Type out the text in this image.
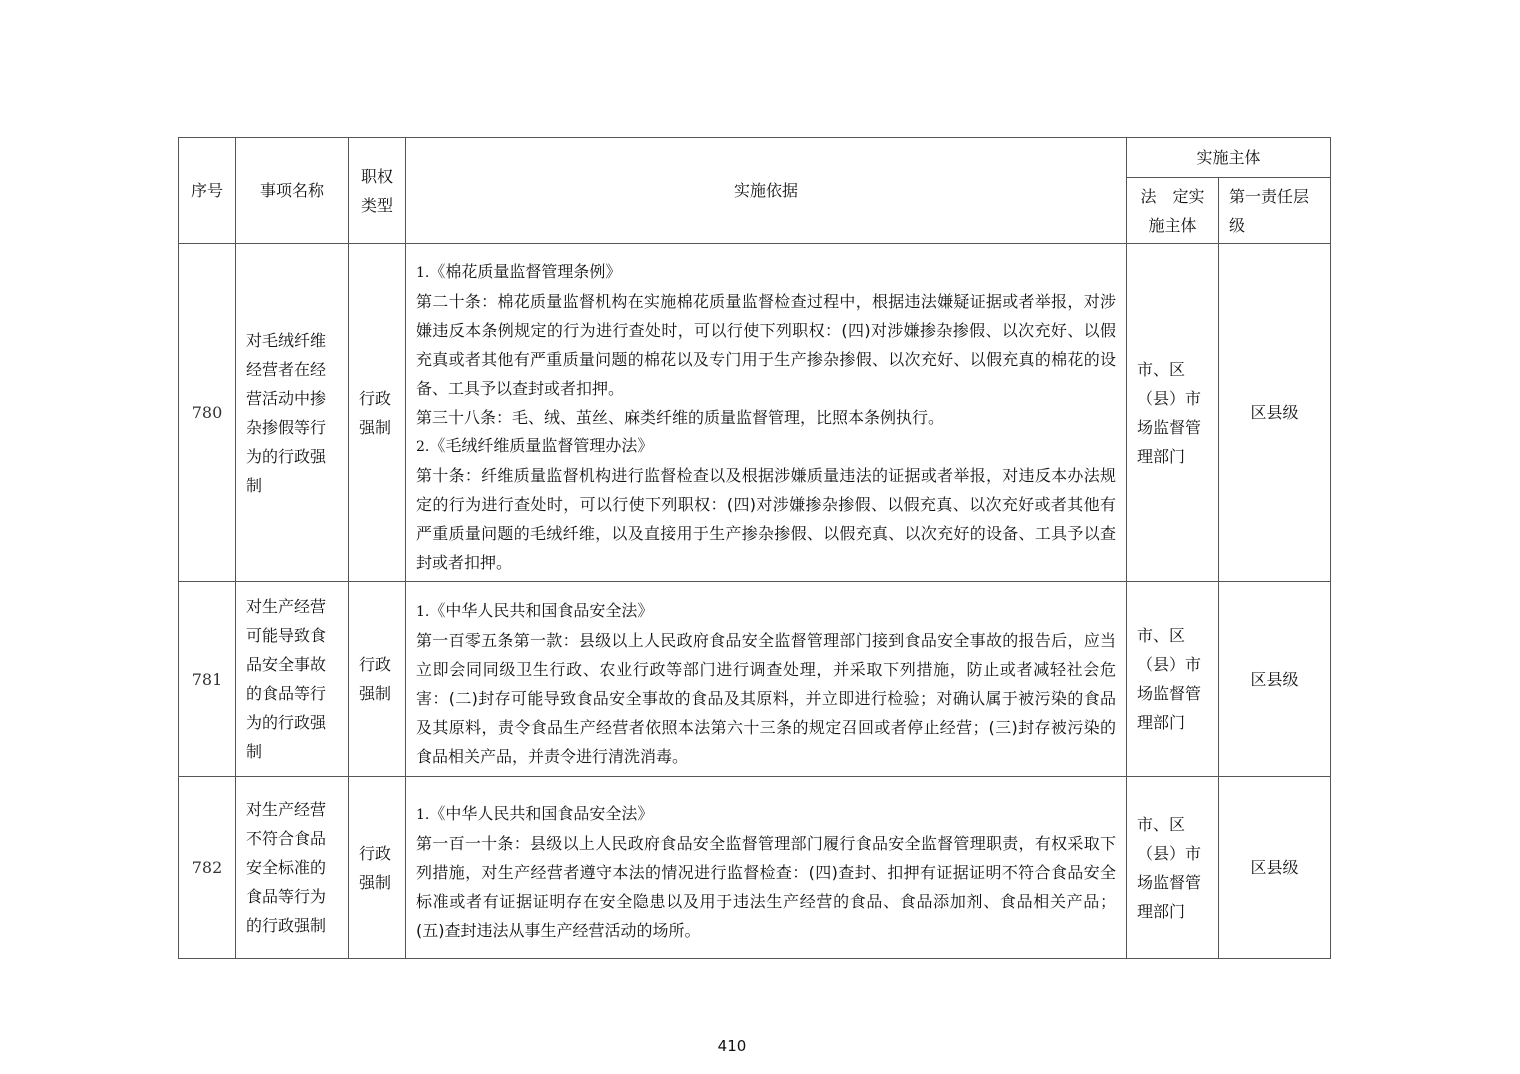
序号	事项名称	职权类型	实施依据	实施主体	
				法　定实施主体	第一责任层级
780	对毛绒纤维经营者在经营活动中掺杂掺假等行为的行政强制	行政强制	1.《棉花质量监督管理条例》
第二十条：棉花质量监督机构在实施棉花质量监督检查过程中，根据违法嫌疑证据或者举报，对涉嫌违反本条例规定的行为进行查处时，可以行使下列职权：(四)对涉嫌掺杂掺假、以次充好、以假充真或者其他有严重质量问题的棉花以及专门用于生产掺杂掺假、以次充好、以假充真的棉花的设备、工具予以查封或者扣押。
第三十八条：毛、绒、茧丝、麻类纤维的质量监督管理，比照本条例执行。
2.《毛绒纤维质量监督管理办法》
第十条：纤维质量监督机构进行监督检查以及根据涉嫌质量违法的证据或者举报，对违反本办法规定的行为进行查处时，可以行使下列职权：(四)对涉嫌掺杂掺假、以假充真、以次充好或者其他有严重质量问题的毛绒纤维，以及直接用于生产掺杂掺假、以假充真、以次充好的设备、工具予以查封或者扣押。	市、区（县）市场监督管理部门	区县级
781	对生产经营可能导致食品安全事故的食品等行为的行政强制	行政强制	1.《中华人民共和国食品安全法》
第一百零五条第一款：县级以上人民政府食品安全监督管理部门接到食品安全事故的报告后，应当立即会同同级卫生行政、农业行政等部门进行调查处理，并采取下列措施，防止或者减轻社会危害：(二)封存可能导致食品安全事故的食品及其原料，并立即进行检验；对确认属于被污染的食品及其原料，责令食品生产经营者依照本法第六十三条的规定召回或者停止经营；(三)封存被污染的食品相关产品，并责令进行清洗消毒。	市、区（县）市场监督管理部门	区县级
782	对生产经营不符合食品安全标准的食品等行为的行政强制	行政强制	1.《中华人民共和国食品安全法》
第一百一十条：县级以上人民政府食品安全监督管理部门履行食品安全监督管理职责，有权采取下列措施，对生产经营者遵守本法的情况进行监督检查：(四)查封、扣押有证据证明不符合食品安全标准或者有证据证明存在安全隐患以及用于违法生产经营的食品、食品添加剂、食品相关产品；(五)查封违法从事生产经营活动的场所。	市、区（县）市场监督管理部门	区县级
410
